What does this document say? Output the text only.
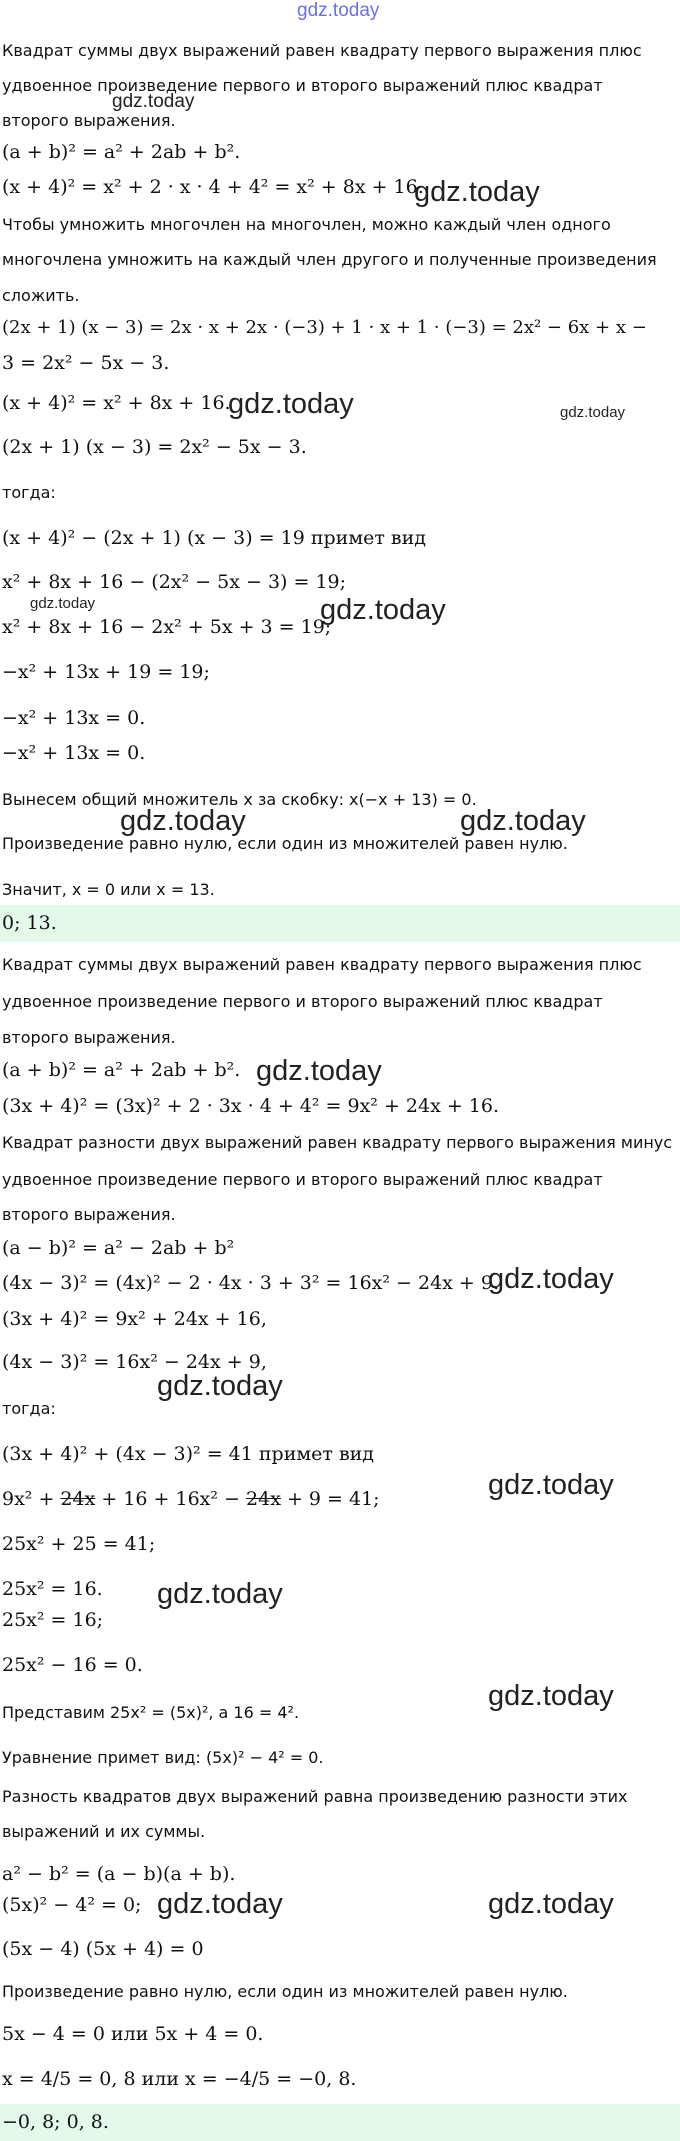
gdz.today
Квадрат суммы двух выражений равен квадрату первого выражения плюс
удвоенное произведение первого и второго выражений плюс квадрат
второго выражения.
(a + b)² = a² + 2ab + b².
(x + 4)² = x² + 2 · x · 4 + 4² = x² + 8x + 16.
Чтобы умножить многочлен на многочлен, можно каждый член одного
многочлена умножить на каждый член другого и полученные произведения
сложить.
(2x + 1) (x − 3) = 2x · x + 2x · (−3) + 1 · x + 1 · (−3) = 2x² − 6x + x −
3 = 2x² − 5x − 3.
(x + 4)² = x² + 8x + 16.
(2x + 1) (x − 3) = 2x² − 5x − 3.
тогда:
(x + 4)² − (2x + 1) (x − 3) = 19 примет вид
x² + 8x + 16 − (2x² − 5x − 3) = 19;
x² + 8x + 16 − 2x² + 5x + 3 = 19;
−x² + 13x + 19 = 19;
−x² + 13x = 0.
−x² + 13x = 0.
Вынесем общий множитель x за скобку: x(−x + 13) = 0.
Произведение равно нулю, если один из множителей равен нулю.
Значит, x = 0 или x = 13.
0; 13.
Квадрат суммы двух выражений равен квадрату первого выражения плюс
удвоенное произведение первого и второго выражений плюс квадрат
второго выражения.
(a + b)² = a² + 2ab + b².
(3x + 4)² = (3x)² + 2 · 3x · 4 + 4² = 9x² + 24x + 16.
Квадрат разности двух выражений равен квадрату первого выражения минус
удвоенное произведение первого и второго выражений плюс квадрат
второго выражения.
(a − b)² = a² − 2ab + b²
(4x − 3)² = (4x)² − 2 · 4x · 3 + 3² = 16x² − 24x + 9.
(3x + 4)² = 9x² + 24x + 16,
(4x − 3)² = 16x² − 24x + 9,
тогда:
(3x + 4)² + (4x − 3)² = 41 примет вид
9x² + 24x + 16 + 16x² − 24x + 9 = 41;
25x² + 25 = 41;
25x² = 16.
25x² = 16;
25x² − 16 = 0.
Представим 25x² = (5x)², а 16 = 4².
Уравнение примет вид: (5x)² − 4² = 0.
Разность квадратов двух выражений равна произведению разности этих
выражений и их суммы.
a² − b² = (a − b)(a + b).
(5x)² − 4² = 0;
(5x − 4) (5x + 4) = 0
Произведение равно нулю, если один из множителей равен нулю.
5x − 4 = 0 или 5x + 4 = 0.
x = 4/5 = 0, 8 или x = −4/5 = −0, 8.
−0, 8; 0, 8.
gdz.today
gdz.today
gdz.today	gdz.today
gdz.today	gdz.today
gdz.today	gdz.today
gdz.today
gdz.today
gdz.today
gdz.today
gdz.today
gdz.today
gdz.today	gdz.today
